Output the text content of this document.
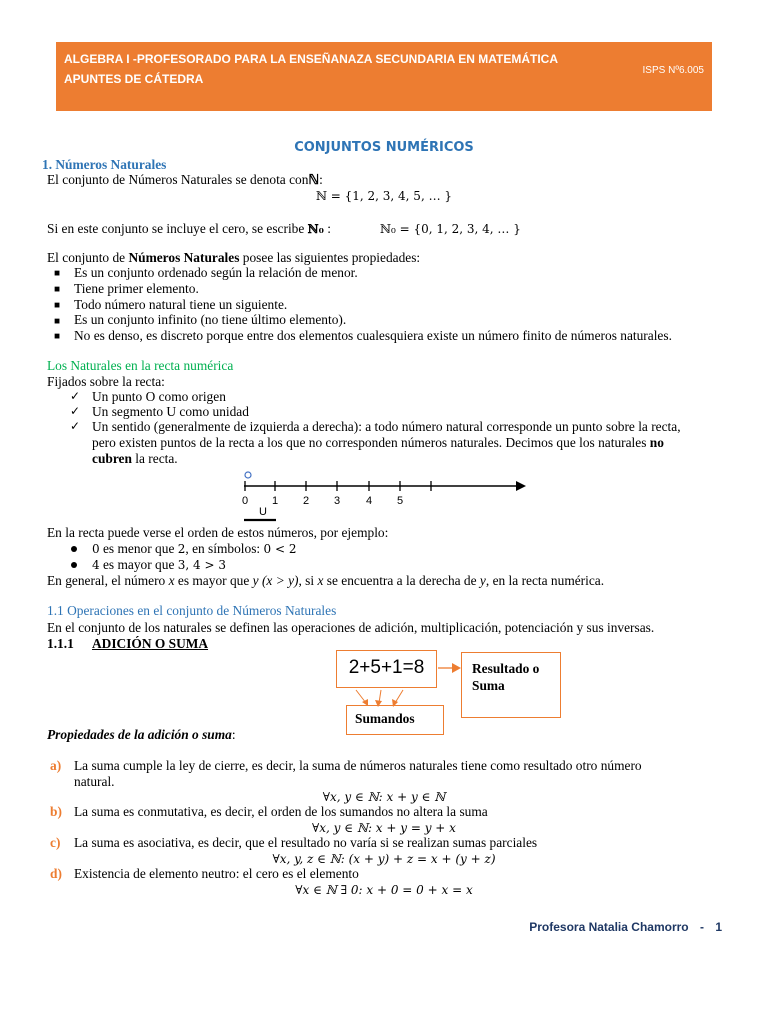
ALGEBRA I -PROFESORADO PARA LA ENSEÑANAZA SECUNDARIA EN MATEMÁTICA
APUNTES DE CÁTEDRA
ISPS Nº6.005
CONJUNTOS NUMÉRICOS
1. Números Naturales
El conjunto de Números Naturales se denota conℕ:
ℕ = {1, 2, 3, 4, 5, … }
Si en este conjunto se incluye el cero, se escribe ℕ₀ :	ℕ₀ = {0, 1, 2, 3, 4, … }
El conjunto de Números Naturales posee las siguientes propiedades:
■ Es un conjunto ordenado según la relación de menor.
■ Tiene primer elemento.
■ Todo número natural tiene un siguiente.
■ Es un conjunto infinito (no tiene último elemento).
■ No es denso, es discreto porque entre dos elementos cualesquiera existe un número finito de números naturales.
Los Naturales en la recta numérica
Fijados sobre la recta:
✓ Un punto O como origen
✓ Un segmento U como unidad
✓ Un sentido (generalmente de izquierda a derecha): a todo número natural corresponde un punto sobre la recta,
pero existen puntos de la recta a los que no corresponden números naturales. Decimos que los naturales no
cubren la recta.
0 1 2 3 4 5
U
En la recta puede verse el orden de estos números, por ejemplo:
0 es menor que 2, en símbolos: 0 < 2
4 es mayor que 3, 4 > 3
En general, el número x es mayor que y (x > y), si x se encuentra a la derecha de y, en la recta numérica.
1.1 Operaciones en el conjunto de Números Naturales
En el conjunto de los naturales se definen las operaciones de adición, multiplicación, potenciación y sus inversas.
1.1.1 ADICIÓN O SUMA
2+5+1=8	Resultado o
Suma
Sumandos
Propiedades de la adición o suma:
a) La suma cumple la ley de cierre, es decir, la suma de números naturales tiene como resultado otro número
natural.
∀x, y ∈ ℕ: x + y ∈ ℕ
b) La suma es conmutativa, es decir, el orden de los sumandos no altera la suma
∀x, y ∈ ℕ: x + y = y + x
c) La suma es asociativa, es decir, que el resultado no varía si se realizan sumas parciales
∀x, y, z ∈ ℕ: (x + y) + z = x + (y + z)
d) Existencia de elemento neutro: el cero es el elemento
∀x ∈ ℕ ∃ 0: x + 0 = 0 + x = x
Profesora Natalia Chamorro - 1
